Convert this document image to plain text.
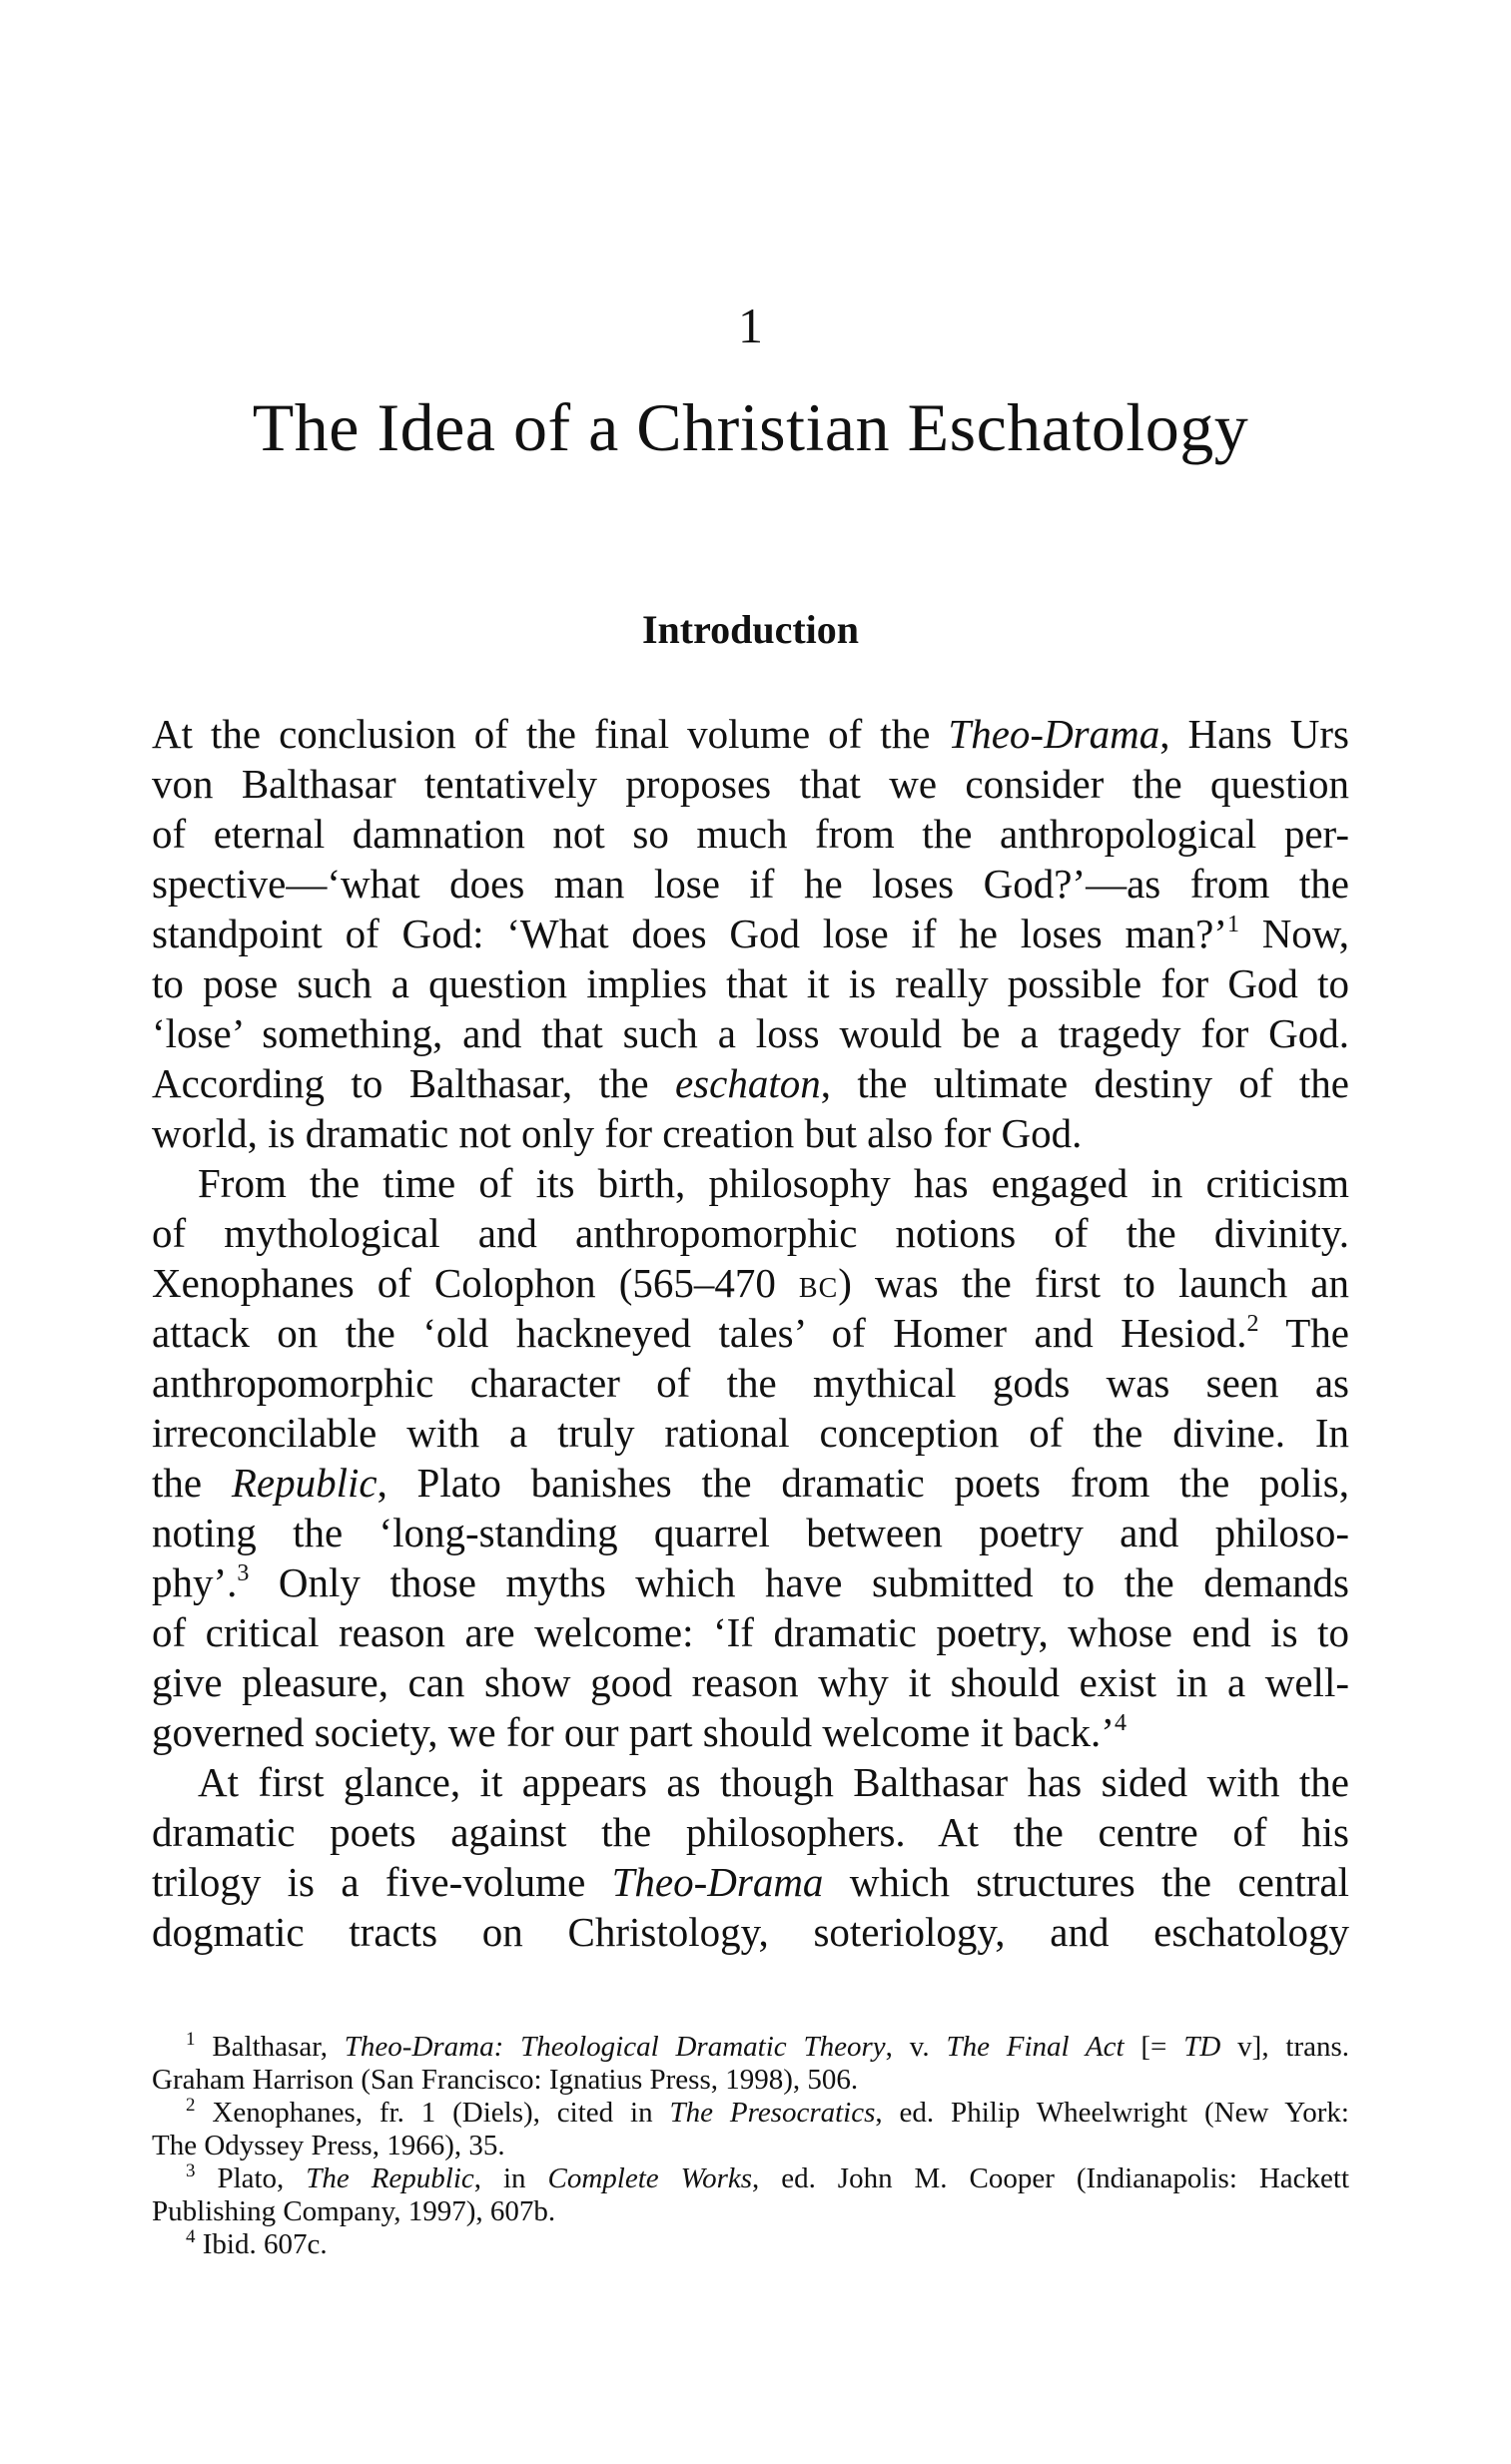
1
The Idea of a Christian Eschatology
Introduction
At the conclusion of the final volume of the Theo-Drama, Hans Urs
von Balthasar tentatively proposes that we consider the question
of eternal damnation not so much from the anthropological per-
spective—‘what does man lose if he loses God?’—as from the
standpoint of God: ‘What does God lose if he loses man?’$^1$ Now,
to pose such a question implies that it is really possible for God to
‘lose’ something, and that such a loss would be a tragedy for God.
According to Balthasar, the eschaton, the ultimate destiny of the
world, is dramatic not only for creation but also for God.
From the time of its birth, philosophy has engaged in criticism
of mythological and anthropomorphic notions of the divinity.
Xenophanes of Colophon (565–470 BC) was the first to launch an
attack on the ‘old hackneyed tales’ of Homer and Hesiod.$^2$ The
anthropomorphic character of the mythical gods was seen as
irreconcilable with a truly rational conception of the divine. In
the Republic, Plato banishes the dramatic poets from the polis,
noting the ‘long-standing quarrel between poetry and philoso-
phy’.$^3$ Only those myths which have submitted to the demands
of critical reason are welcome: ‘If dramatic poetry, whose end is to
give pleasure, can show good reason why it should exist in a well-
governed society, we for our part should welcome it back.’$^4$
At first glance, it appears as though Balthasar has sided with the
dramatic poets against the philosophers. At the centre of his
trilogy is a five-volume Theo-Drama which structures the central
dogmatic tracts on Christology, soteriology, and eschatology
$^1$ Balthasar, Theo-Drama: Theological Dramatic Theory, v. The Final Act [= TD v], trans.
Graham Harrison (San Francisco: Ignatius Press, 1998), 506.
$^2$ Xenophanes, fr. 1 (Diels), cited in The Presocratics, ed. Philip Wheelwright (New York:
The Odyssey Press, 1966), 35.
$^3$ Plato, The Republic, in Complete Works, ed. John M. Cooper (Indianapolis: Hackett
Publishing Company, 1997), 607b.
$^4$ Ibid. 607c.
